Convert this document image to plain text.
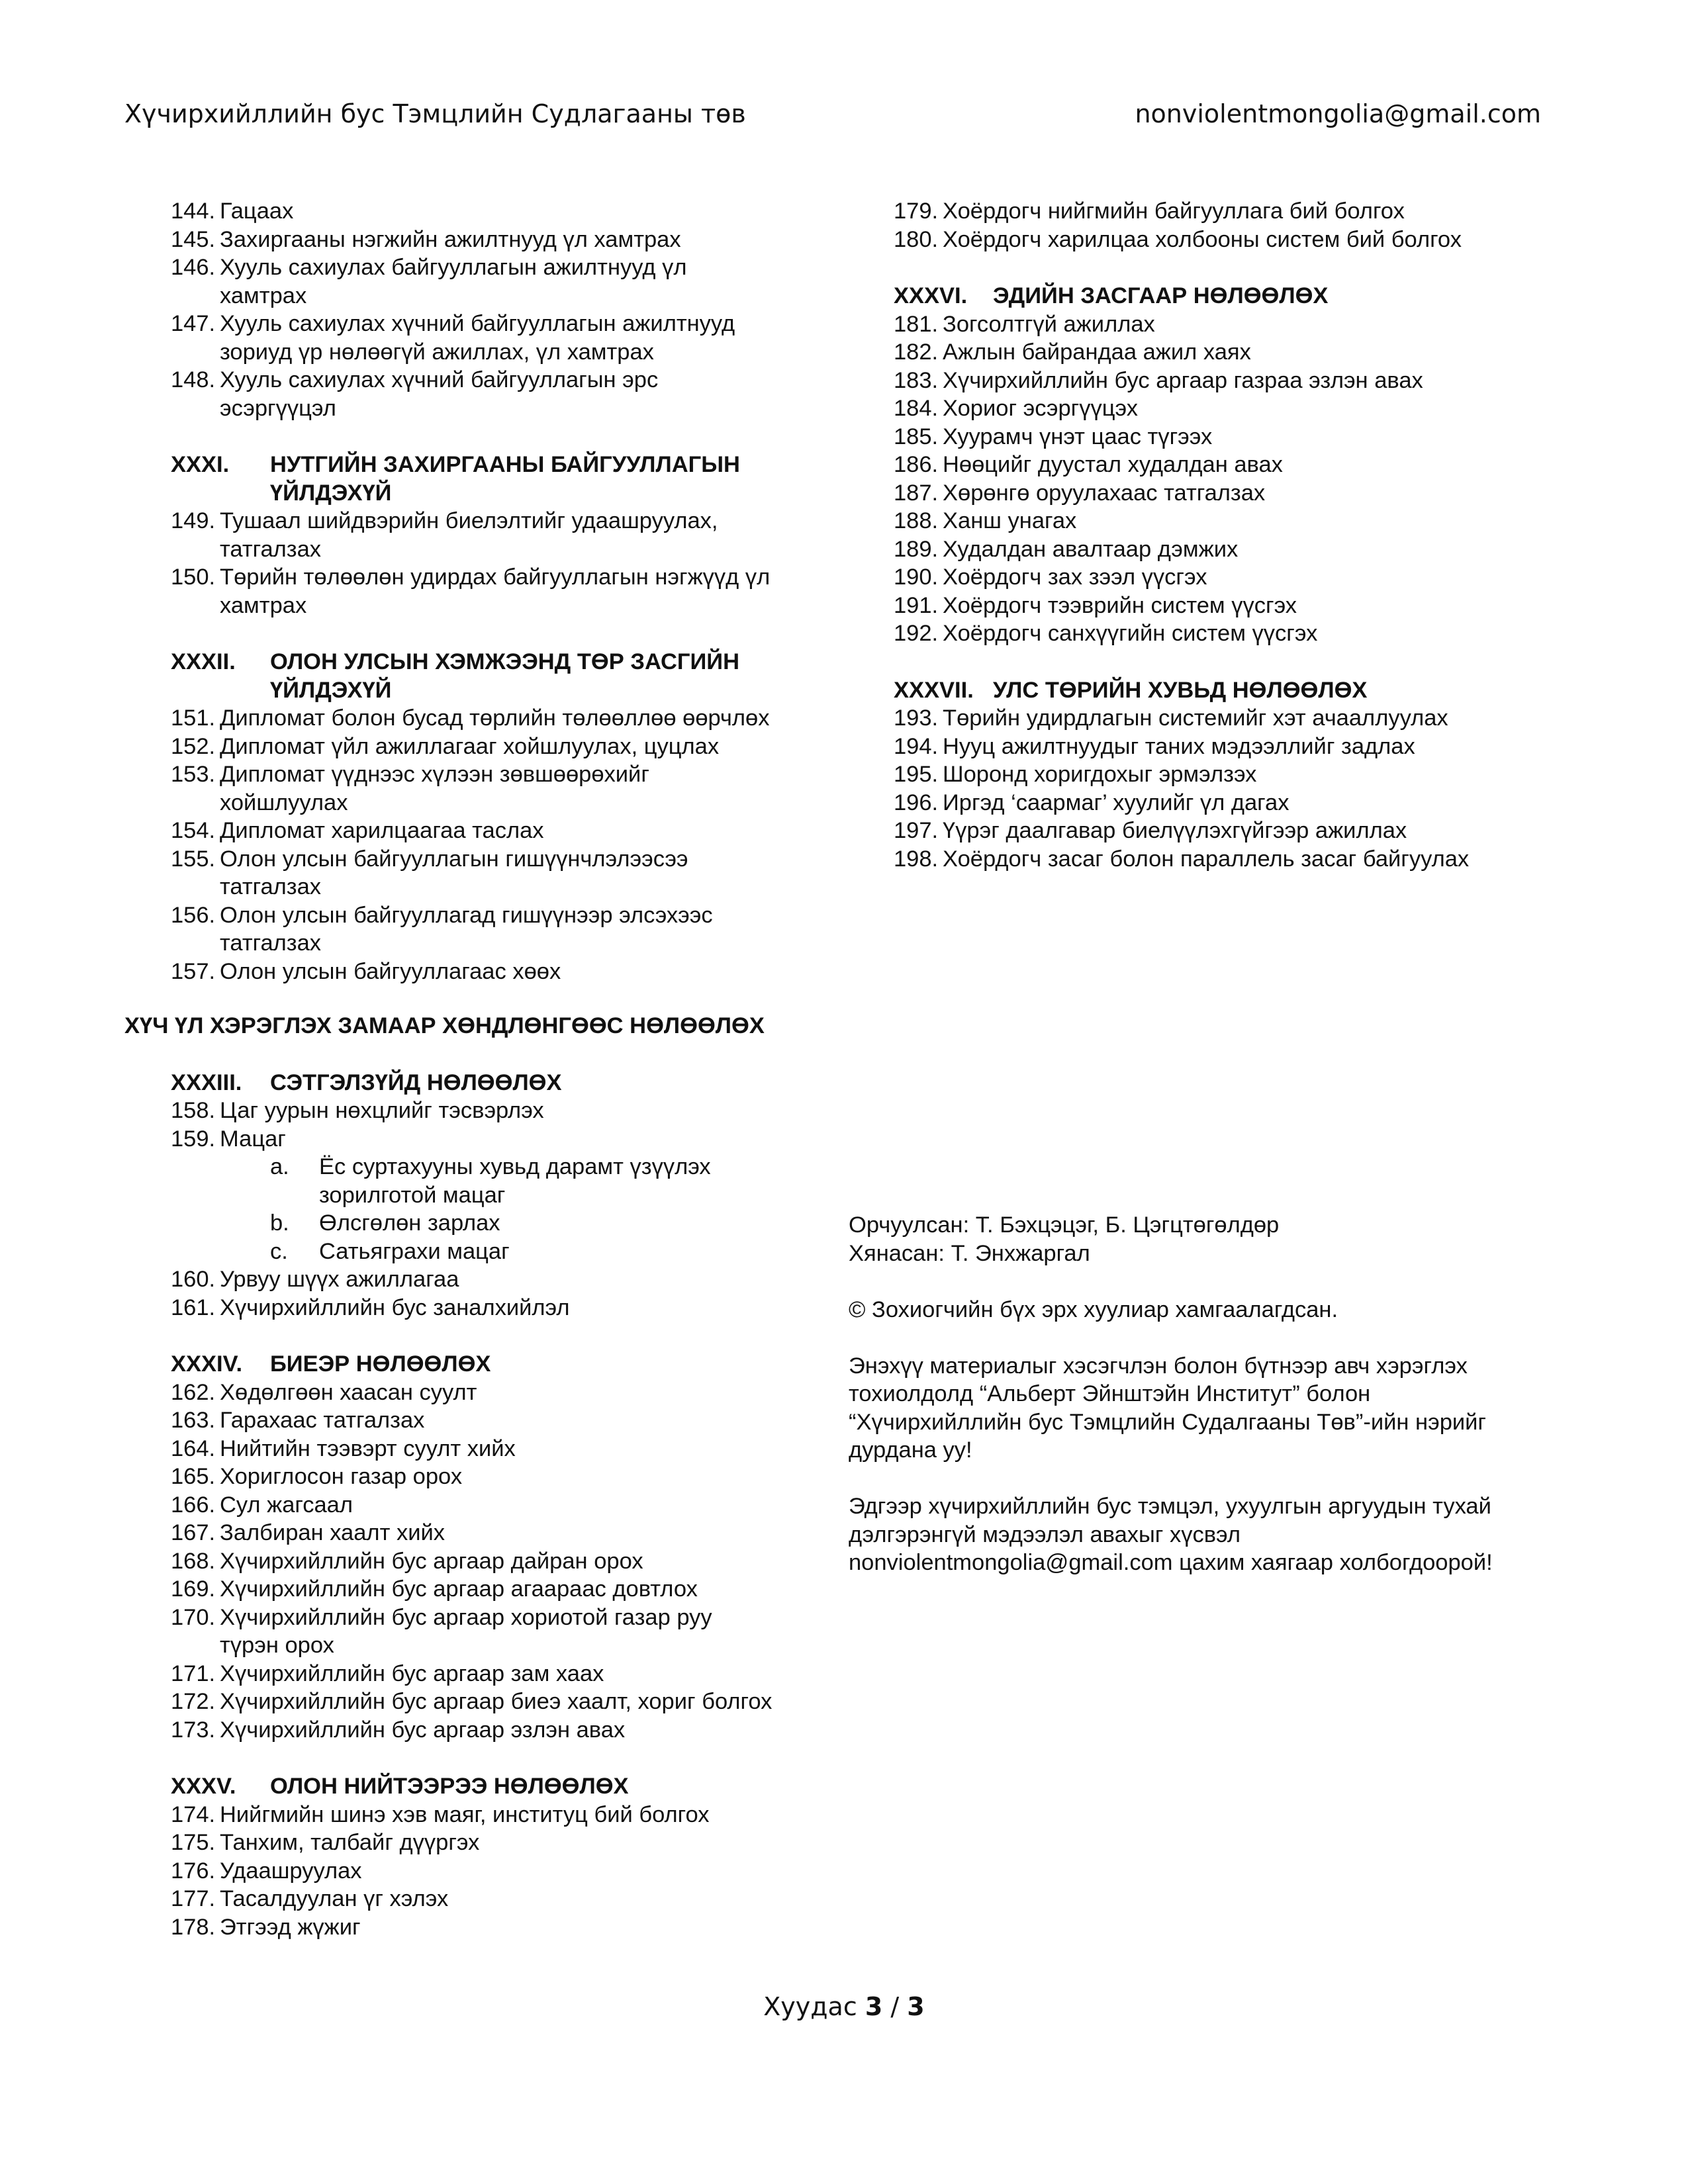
Хүчирхийллийн бус Тэмцлийн Судлагааны төв	nonviolentmongolia@gmail.com
144. Гацаах
145. Захиргааны нэгжийн ажилтнууд үл хамтрах
146. Хууль сахиулах байгууллагын ажилтнууд үл
хамтрах
147. Хууль сахиулах хүчний байгууллагын ажилтнууд
зориуд үр нөлөөгүй ажиллах, үл хамтрах
148. Хууль сахиулах хүчний байгууллагын эрс
эсэргүүцэл
XXXI.	НУТГИЙН ЗАХИРГААНЫ БАЙГУУЛЛАГЫН
ҮЙЛДЭХҮЙ
149. Тушаал шийдвэрийн биелэлтийг удаашруулах,
татгалзах
150. Төрийн төлөөлөн удирдах байгууллагын нэгжүүд үл
хамтрах
XXXII.	ОЛОН УЛСЫН ХЭМЖЭЭНД ТӨР ЗАСГИЙН
ҮЙЛДЭХҮЙ
151. Дипломат болон бусад төрлийн төлөөллөө өөрчлөх
152. Дипломат үйл ажиллагааг хойшлуулах, цуцлах
153. Дипломат үүднээс хүлээн зөвшөөрөхийг
хойшлуулах
154. Дипломат харилцаагаа таслах
155. Олон улсын байгууллагын гишүүнчлэлээсээ
татгалзах
156. Олон улсын байгууллагад гишүүнээр элсэхээс
татгалзах
157. Олон улсын байгууллагаас хөөх
ХҮЧ ҮЛ ХЭРЭГЛЭХ ЗАМААР ХӨНДЛӨНГӨӨС НӨЛӨӨЛӨХ
XXXIII.	СЭТГЭЛЗҮЙД НӨЛӨӨЛӨХ
158. Цаг уурын нөхцлийг тэсвэрлэх
159. Мацаг
a.	Ёс суртахууны хувьд дарамт үзүүлэх
зорилготой мацаг
b.	Өлсгөлөн зарлах
c.	Сатьяграхи мацаг
160. Урвуу шүүх ажиллагаа
161. Хүчирхийллийн бус заналхийлэл
XXXIV.	БИЕЭР НӨЛӨӨЛӨХ
162. Хөдөлгөөн хаасан суулт
163. Гарахаас татгалзах
164. Нийтийн тээвэрт суулт хийх
165. Хориглосон газар орох
166. Сул жагсаал
167. Залбиран хаалт хийх
168. Хүчирхийллийн бус аргаар дайран орох
169. Хүчирхийллийн бус аргаар агаараас довтлох
170. Хүчирхийллийн бус аргаар хориотой газар руу
түрэн орох
171. Хүчирхийллийн бус аргаар зам хаах
172. Хүчирхийллийн бус аргаар биеэ хаалт, хориг болгох
173. Хүчирхийллийн бус аргаар эзлэн авах
XXXV.	ОЛОН НИЙТЭЭРЭЭ НӨЛӨӨЛӨХ
174. Нийгмийн шинэ хэв маяг, институц бий болгох
175. Танхим, талбайг дүүргэх
176. Удаашруулах
177. Тасалдуулан үг хэлэх
178. Этгээд жүжиг
179. Хоёрдогч нийгмийн байгууллага бий болгох
180. Хоёрдогч харилцаа холбооны систем бий болгох
XXXVI.	ЭДИЙН ЗАСГААР НӨЛӨӨЛӨХ
181. Зогсолтгүй ажиллах
182. Ажлын байрандаа ажил хаях
183. Хүчирхийллийн бус аргаар газраа эзлэн авах
184. Хориог эсэргүүцэх
185. Хуурамч үнэт цаас түгээх
186. Нөөцийг дуустал худалдан авах
187. Хөрөнгө оруулахаас татгалзах
188. Ханш унагах
189. Худалдан авалтаар дэмжих
190. Хоёрдогч зах зээл үүсгэх
191. Хоёрдогч тээврийн систем үүсгэх
192. Хоёрдогч санхүүгийн систем үүсгэх
XXXVII. УЛС ТӨРИЙН ХУВЬД НӨЛӨӨЛӨХ
193. Төрийн удирдлагын системийг хэт ачааллуулах
194. Нууц ажилтнуудыг таних мэдээллийг задлах
195. Шоронд хоригдохыг эрмэлзэх
196. Иргэд ‘саармаг’ хуулийг үл дагах
197. Үүрэг даалгавар биелүүлэхгүйгээр ажиллах
198. Хоёрдогч засаг болон параллель засаг байгуулах

Орчуулсан: Т. Бэхцэцэг, Б. Цэгцтөгөлдөр

Хянасан: Т. Энхжаргал

© Зохиогчийн бүх эрх хуулиар хамгаалагдсан.

Энэхүү материалыг хэсэгчлэн болон бүтнээр авч хэрэглэх
тохиолдолд “Альберт Эйнштэйн Институт” болон
“Хүчирхийллийн бус Тэмцлийн Судалгааны Төв”-ийн нэрийг
дурдана уу!
Эдгээр хүчирхийллийн бус тэмцэл, ухуулгын аргуудын тухай
дэлгэрэнгүй мэдээлэл авахыг хүсвэл
nonviolentmongolia@gmail.com цахим хаягаар холбогдоорой!
Хуудас 3 / 3
